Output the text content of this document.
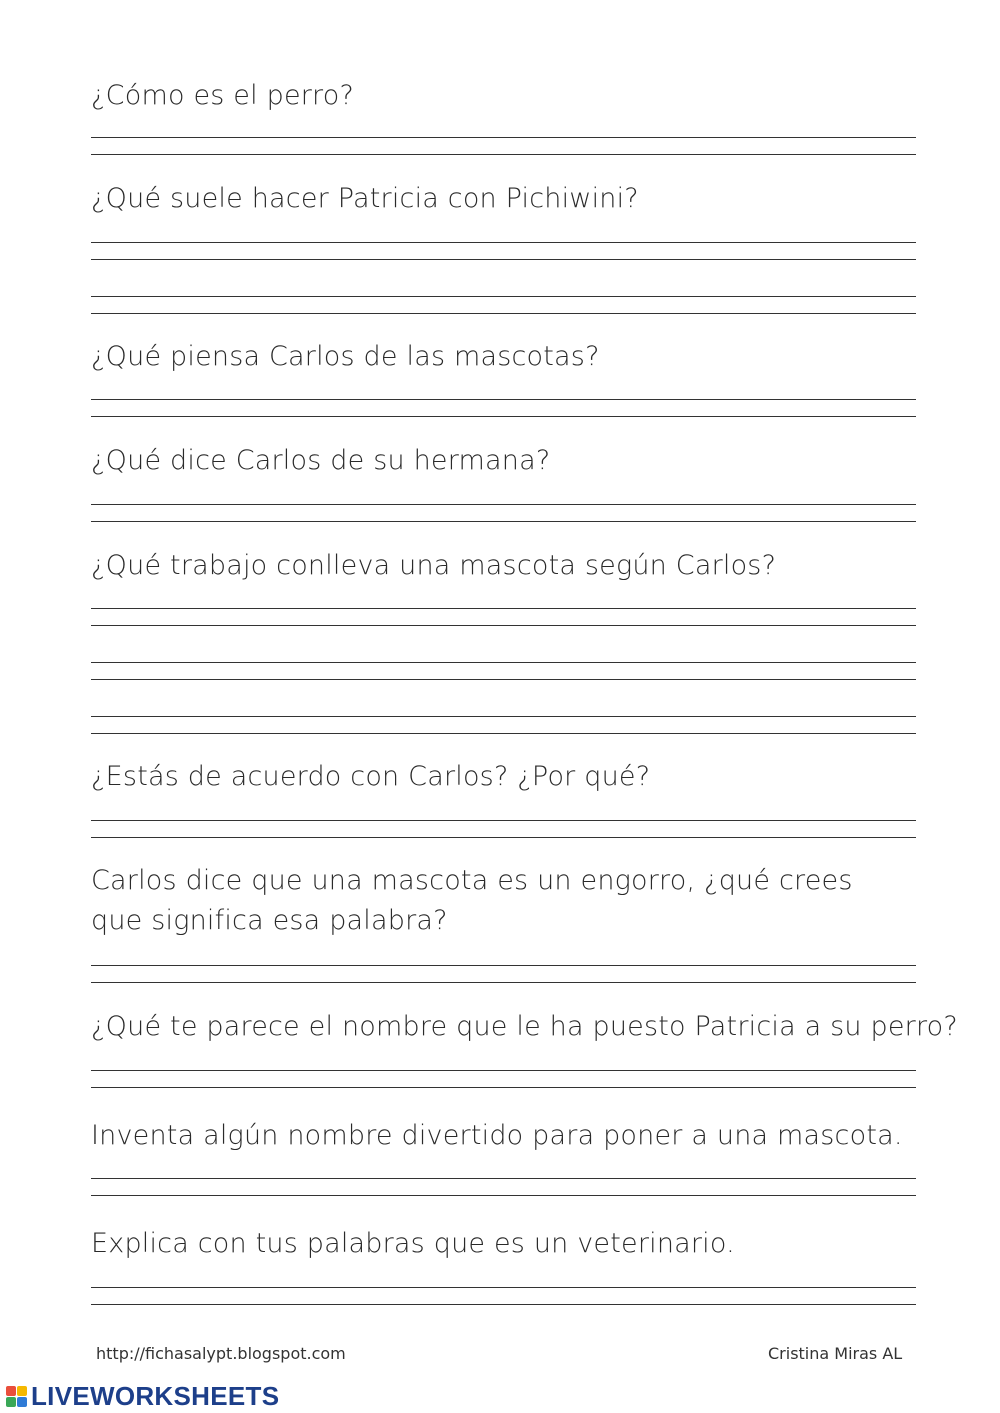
¿Cómo es el perro?
¿Qué suele hacer Patricia con Pichiwini?
¿Qué piensa Carlos de las mascotas?
¿Qué dice Carlos de su hermana?
¿Qué trabajo conlleva una mascota según Carlos?
¿Estás de acuerdo con Carlos? ¿Por qué?
Carlos dice que una mascota es un engorro, ¿qué crees que significa esa palabra?
¿Qué te parece el nombre que le ha puesto Patricia a su perro?
Inventa algún nombre divertido para poner a una mascota.
Explica con tus palabras que es un veterinario.
http://fichasalypt.blogspot.com	Cristina Miras AL
LIVEWORKSHEETS
